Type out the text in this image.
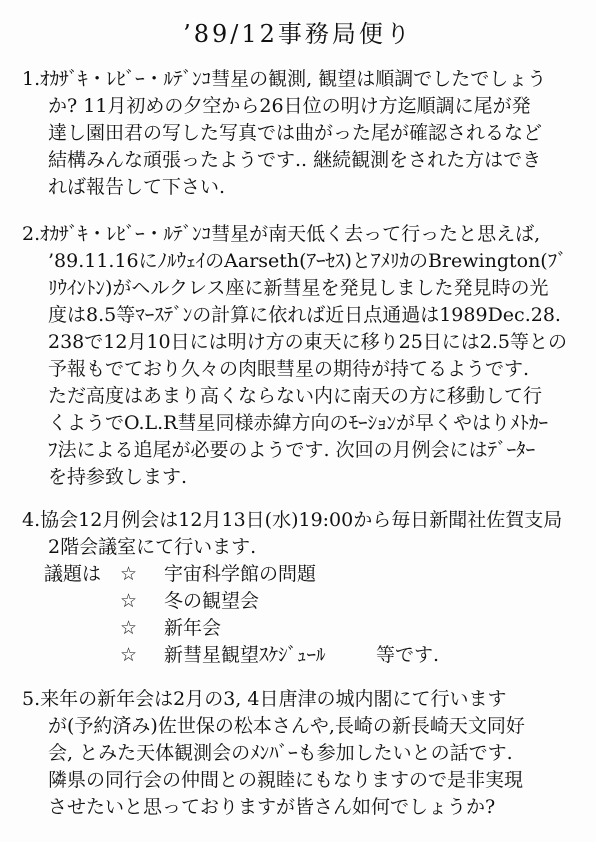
’89/12事務局便り
1.ｵｶｻﾞｷ・ﾚﾋﾞｰ・ﾙﾃﾞﾝｺ彗星の観測, 観望は順調でしたでしょう
か? 11月初めの夕空から26日位の明け方迄順調に尾が発
達し園田君の写した写真では曲がった尾が確認されるなど
結構みんな頑張ったようです.. 継続観測をされた方はでき
れば報告して下さい.
2.ｵｶｻﾞｷ・ﾚﾋﾞｰ・ﾙﾃﾞﾝｺ彗星が南天低く去って行ったと思えば,
’89.11.16にﾉﾙｳｪｲのAarseth(ｱｰｾｽ)とｱﾒﾘｶのBrewington(ﾌﾞ
ﾘｳｲﾝﾄﾝ)がヘルクレス座に新彗星を発見しました発見時の光
度は8.5等ﾏｰｽﾃﾞﾝの計算に依れば近日点通過は1989Dec.28.
238で12月10日には明け方の東天に移り25日には2.5等との
予報もでており久々の肉眼彗星の期待が持てるようです.
ただ高度はあまり高くならない内に南天の方に移動して行
くようでO.L.R彗星同様赤緯方向のﾓｰｼｮﾝが早くやはりﾒﾄｶｰ
ﾌ法による追尾が必要のようです. 次回の月例会にはﾃﾞｰﾀｰ
を持参致します.
4.協会12月例会は12月13日(水)19:00から毎日新聞社佐賀支局
2階会議室にて行います.
議題は ☆ 宇宙科学館の問題
☆ 冬の観望会
☆ 新年会
☆ 新彗星観望ｽｹｼﾞｭｰﾙ	等です.
5.来年の新年会は2月の3, 4日唐津の城内閣にて行います
が(予約済み)佐世保の松本さんや,長崎の新長崎天文同好
会, とみた天体観測会のﾒﾝﾊﾞｰも参加したいとの話です.
隣県の同行会の仲間との親睦にもなりますので是非実現
させたいと思っておりますが皆さん如何でしょうか?
